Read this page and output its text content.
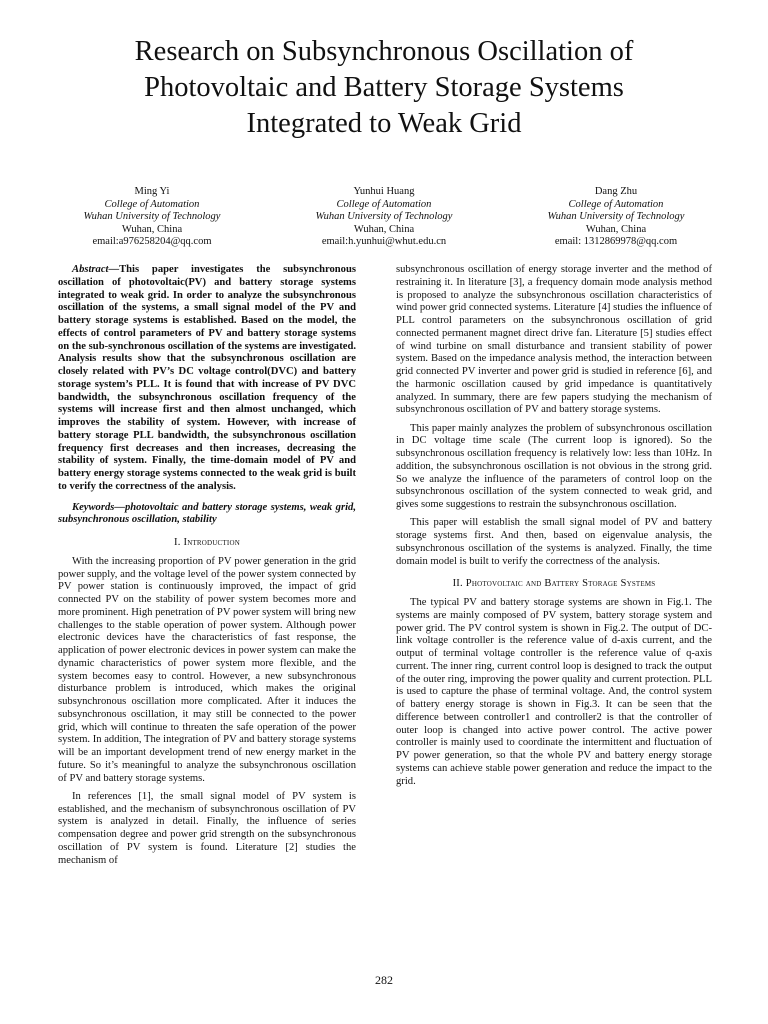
Research on Subsynchronous Oscillation of
Photovoltaic and Battery Storage Systems
Integrated to Weak Grid
Ming Yi
College of Automation
Wuhan University of Technology
Wuhan, China
email:a976258204@qq.com
Yunhui Huang
College of Automation
Wuhan University of Technology
Wuhan, China
email:h.yunhui@whut.edu.cn
Dang Zhu
College of Automation
Wuhan University of Technology
Wuhan, China
email: 1312869978@qq.com

Abstract—This paper investigates the subsynchronous oscillation of photovoltaic(PV) and battery storage systems integrated to weak grid. In order to analyze the subsynchronous oscillation of the systems, a small signal model of the PV and battery storage systems is established. Based on the model, the effects of control parameters of PV and battery storage systems on the sub-synchronous oscillation of the systems are investigated. Analysis results show that the subsynchronous oscillation are closely related with PV’s DC voltage control(DVC) and battery storage system’s PLL. It is found that with increase of PV DVC bandwidth, the subsynchronous oscillation frequency of the systems will increase first and then almost unchanged, which improves the stability of system. However, with increase of battery storage PLL bandwidth, the subsynchronous oscillation frequency first decreases and then increases, decreasing the stability of system. Finally, the time-domain model of PV and battery energy storage systems connected to the weak grid is built to verify the correctness of the analysis.

Keywords—photovoltaic and battery storage systems, weak grid, subsynchronous oscillation, stability

I. Introduction

With the increasing proportion of PV power generation in the grid power supply, and the voltage level of the power system connected by PV power station is continuously improved, the impact of grid connected PV on the stability of power system becomes more and more prominent. High penetration of PV power system will bring new challenges to the stable operation of power system. Although power electronic devices have the characteristics of fast response, the application of power electronic devices in power system can make the dynamic characteristics of power system more flexible, and the system becomes easy to control. However, a new subsynchronous disturbance problem is introduced, which makes the original subsynchronous oscillation more complicated. After it induces the subsynchronous oscillation, it may still be connected to the power grid, which will continue to threaten the safe operation of the power system. In addition, The integration of PV and battery storage systems will be an important development trend of new energy market in the future. So it’s meaningful to analyze the subsynchronous oscillation of PV and battery storage systems.

In references [1], the small signal model of PV system is established, and the mechanism of subsynchronous oscillation of PV system is analyzed in detail. Finally, the influence of series compensation degree and power grid strength on the subsynchronous oscillation of PV system is found. Literature [2] studies the mechanism of

subsynchronous oscillation of energy storage inverter and the method of restraining it. In literature [3], a frequency domain mode analysis method is proposed to analyze the subsynchronous oscillation characteristics of wind power grid connected systems. Literature [4] studies the influence of PLL control parameters on the subsynchronous oscillation of grid connected permanent magnet direct drive fan. Literature [5] studies effect of wind turbine on small disturbance and transient stability of power system. Based on the impedance analysis method, the interaction between grid connected PV inverter and power grid is studied in reference [6], and the harmonic oscillation caused by grid impedance is quantitatively analyzed. In summary, there are few papers studying the mechanism of subsynchronous oscillation of PV and battery storage systems.

This paper mainly analyzes the problem of subsynchronous oscillation in DC voltage time scale (The current loop is ignored). So the subsynchronous oscillation frequency is relatively low: less than 10Hz. In addition, the subsynchronous oscillation is not obvious in the strong grid. So we analyze the influence of the parameters of control loop on the subsynchronous oscillation of the system connected to weak grid, and gives some suggestions to restrain the subsynchronous oscillation.

This paper will establish the small signal model of PV and battery storage systems first. And then, based on eigenvalue analysis, the subsynchronous oscillation of the systems is analyzed. Finally, the time domain model is built to verify the correctness of the analysis.

II. Photovoltaic and Battery Storage Systems

The typical PV and battery storage systems are shown in Fig.1. The systems are mainly composed of PV system, battery storage system and power grid. The PV control system is shown in Fig.2. The output of DC-link voltage controller is the reference value of d-axis current, and the output of terminal voltage controller is the reference value of q-axis current. The inner ring, current control loop is designed to track the output of the outer ring, improving the power quality and current protection. PLL is used to capture the phase of terminal voltage. And, the control system of battery energy storage is shown in Fig.3. It can be seen that the difference between controller1 and controller2 is that the controller of outer loop is changed into active power control. The active power controller is mainly used to coordinate the intermittent and fluctuation of PV power generation, so that the whole PV and battery energy storage systems can achieve stable power generation and reduce the impact to the grid.

282
